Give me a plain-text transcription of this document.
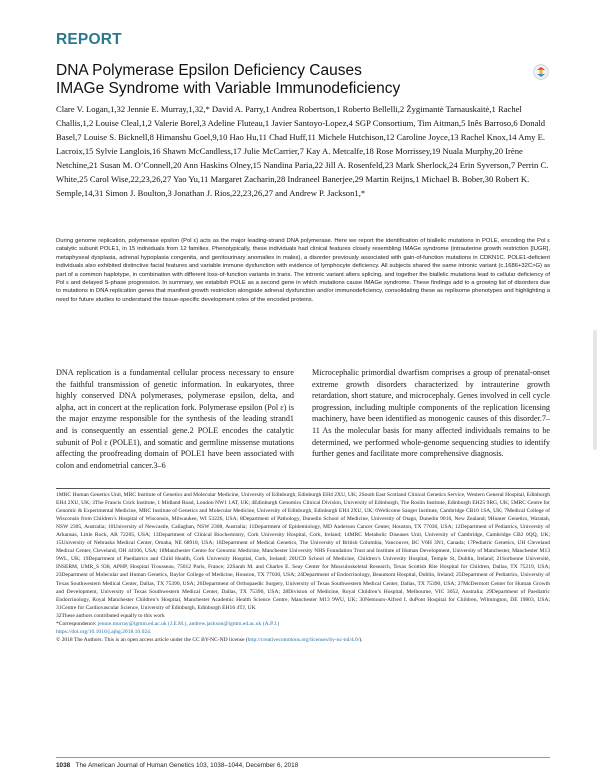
REPORT
DNA Polymerase Epsilon Deficiency Causes
IMAGe Syndrome with Variable Immunodeficiency
Clare V. Logan,1,32 Jennie E. Murray,1,32,* David A. Parry,1 Andrea Robertson,1 Roberto Bellelli,2 Žygimantė Tarnauskaitė,1 Rachel Challis,1,2 Louise Cleal,1,2 Valerie Borel,3 Adeline Fluteau,1 Javier Santoyo-Lopez,4 SGP Consortium, Tim Aitman,5 Inês Barroso,6 Donald Basel,7 Louise S. Bicknell,8 Himanshu Goel,9,10 Hao Hu,11 Chad Huff,11 Michele Hutchison,12 Caroline Joyce,13 Rachel Knox,14 Amy E. Lacroix,15 Sylvie Langlois,16 Shawn McCandless,17 Julie McCarrier,7 Kay A. Metcalfe,18 Rose Morrissey,19 Nuala Murphy,20 Irène Netchine,21 Susan M. O’Connell,20 Ann Haskins Olney,15 Nandina Paria,22 Jill A. Rosenfeld,23 Mark Sherlock,24 Erin Syverson,7 Perrin C. White,25 Carol Wise,22,23,26,27 Yao Yu,11 Margaret Zacharin,28 Indraneel Banerjee,29 Martin Reijns,1 Michael B. Bober,30 Robert K. Semple,14,31 Simon J. Boulton,3 Jonathan J. Rios,22,23,26,27 and Andrew P. Jackson1,*
During genome replication, polymerase epsilon (Pol ε) acts as the major leading-strand DNA polymerase. Here we report the identification of biallelic mutations in POLE, encoding the Pol ε catalytic subunit POLE1, in 15 individuals from 12 families. Phenotypically, these individuals had clinical features closely resembling IMAGe syndrome (intrauterine growth restriction [IUGR], metaphyseal dysplasia, adrenal hypoplasia congenita, and genitourinary anomalies in males), a disorder previously associated with gain-of-function mutations in CDKN1C. POLE1-deficient individuals also exhibited distinctive facial features and variable immune dysfunction with evidence of lymphocyte deficiency. All subjects shared the same intronic variant (c.1686+32C>G) as part of a common haplotype, in combination with different loss-of-function variants in trans. The intronic variant alters splicing, and together the biallelic mutations lead to cellular deficiency of Pol ε and delayed S-phase progression. In summary, we establish POLE as a second gene in which mutations cause IMAGe syndrome. These findings add to a growing list of disorders due to mutations in DNA replication genes that manifest growth restriction alongside adrenal dysfunction and/or immunodeficiency, consolidating these as replisome phenotypes and highlighting a need for future studies to understand the tissue-specific development roles of the encoded proteins.
DNA replication is a fundamental cellular process necessary to ensure the faithful transmission of genetic information. In eukaryotes, three highly conserved DNA polymerases, polymerase epsilon, delta, and alpha, act in concert at the replication fork. Polymerase epsilon (Pol ε) is the major enzyme responsible for the synthesis of the leading strand1 and is consequently an essential gene.2 POLE encodes the catalytic subunit of Pol ε (POLE1), and somatic and germline missense mutations affecting the proofreading domain of POLE1 have been associated with colon and endometrial cancer.3–6
Microcephalic primordial dwarfism comprises a group of prenatal-onset extreme growth disorders characterized by intrauterine growth retardation, short stature, and microcephaly. Genes involved in cell cycle progression, including multiple components of the replication licensing machinery, have been identified as monogenic causes of this disorder.7–11 As the molecular basis for many affected individuals remains to be determined, we performed whole-genome sequencing studies to identify further genes and facilitate more comprehensive diagnosis.

1MRC Human Genetics Unit, MRC Institute of Genetics and Molecular Medicine, University of Edinburgh, Edinburgh EH4 2XU, UK; 2South East Scotland Clinical Genetics Service, Western General Hospital, Edinburgh EH4 2XU, UK; 3The Francis Crick Institute, 1 Midland Road, London NW1 1AT, UK; 4Edinburgh Genomics Clinical Division, University of Edinburgh, The Roslin Institute, Edinburgh EH25 9RG, UK; 5MRC Centre for Genomic & Experimental Medicine, MRC Institute of Genetics and Molecular Medicine, University of Edinburgh, Edinburgh EH4 2XU, UK; 6Wellcome Sanger Institute, Cambridge CB10 1SA, UK; 7Medical College of Wisconsin from Children’s Hospital of Wisconsin, Milwaukee, WI 53226, USA; 8Department of Pathology, Dunedin School of Medicine, University of Otago, Dunedin 9016, New Zealand; 9Hunter Genetics, Waratah, NSW 2305, Australia; 10University of Newcastle, Callaghan, NSW 2308, Australia; 11Department of Epidemiology, MD Anderson Cancer Center, Houston, TX 77030, USA; 12Department of Pediatrics, University of Arkansas, Little Rock, AR 72205, USA; 13Department of Clinical Biochemistry, Cork University Hospital, Cork, Ireland; 14MRC Metabolic Diseases Unit, University of Cambridge, Cambridge CB2 0QQ, UK; 15University of Nebraska Medical Center, Omaha, NE 68918, USA; 16Department of Medical Genetics, The University of British Columbia, Vancouver, BC V6H 3N1, Canada; 17Pediatric Genetics, UH Cleveland Medical Center, Cleveland, OH 44106, USA; 18Manchester Centre for Genomic Medicine, Manchester University NHS Foundation Trust and Institute of Human Development, University of Manchester, Manchester M13 9WL, UK; 19Department of Paediatrics and Child Health, Cork University Hospital, Cork, Ireland; 20UCD School of Medicine, Children’s University Hospital, Temple St, Dublin, Ireland; 21Sorbonne Université, INSERM, UMR_S 938, APHP, Hospital Trousseau, 75012 Paris, France; 22Sarah M. and Charles E. Seay Center for Musculoskeletal Research, Texas Scottish Rite Hospital for Children, Dallas, TX 75219, USA; 23Department of Molecular and Human Genetics, Baylor College of Medicine, Houston, TX 77030, USA; 24Department of Endocrinology, Beaumont Hospital, Dublin, Ireland; 25Department of Pediatrics, University of Texas Southwestern Medical Center, Dallas, TX 75390, USA; 26Department of Orthopaedic Surgery, University of Texas Southwestern Medical Center, Dallas, TX 75390, USA; 27McDermott Center for Human Growth and Development, University of Texas Southwestern Medical Center, Dallas, TX 75390, USA; 28Division of Medicine, Royal Children’s Hospital, Melbourne, VIC 3052, Australia; 29Department of Paediatric Endocrinology, Royal Manchester Children’s Hospital, Manchester Academic Health Science Centre, Manchester M13 9WU, UK; 30Nemours-Alfred I. duPont Hospital for Children, Wilmington, DE 19803, USA; 31Centre for Cardiovascular Science, University of Edinburgh, Edinburgh EH16 4TJ, UK

32These authors contributed equally to this work

*Correspondence: jennie.murray@igmm.ed.ac.uk (J.E.M.), andrew.jackson@igmm.ed.ac.uk (A.P.J.)

https://doi.org/10.1016/j.ajhg.2018.10.024.

© 2018 The Authors. This is an open access article under the CC BY-NC-ND license (http://creativecommons.org/licenses/by-nc-nd/4.0/).

1038 The American Journal of Human Genetics 103, 1038–1044, December 6, 2018
